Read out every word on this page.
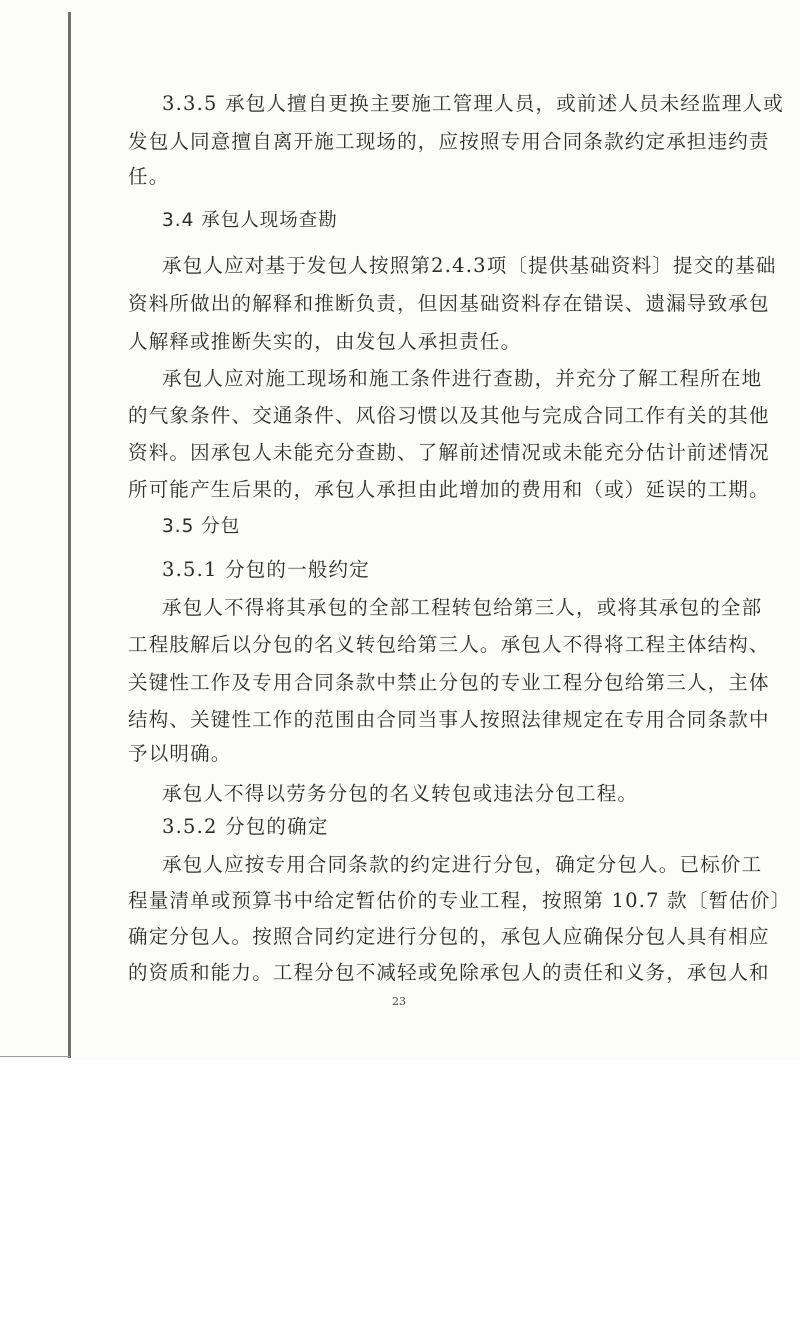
3.3.5 承包人擅自更换主要施工管理人员，或前述人员未经监理人或
发包人同意擅自离开施工现场的，应按照专用合同条款约定承担违约责
任。
3.4 承包人现场查勘
承包人应对基于发包人按照第2.4.3项〔提供基础资料〕提交的基础
资料所做出的解释和推断负责，但因基础资料存在错误、遗漏导致承包
人解释或推断失实的，由发包人承担责任。
承包人应对施工现场和施工条件进行查勘，并充分了解工程所在地
的气象条件、交通条件、风俗习惯以及其他与完成合同工作有关的其他
资料。因承包人未能充分查勘、了解前述情况或未能充分估计前述情况
所可能产生后果的，承包人承担由此增加的费用和（或）延误的工期。
3.5 分包
3.5.1 分包的一般约定
承包人不得将其承包的全部工程转包给第三人，或将其承包的全部
工程肢解后以分包的名义转包给第三人。承包人不得将工程主体结构、
关键性工作及专用合同条款中禁止分包的专业工程分包给第三人，主体
结构、关键性工作的范围由合同当事人按照法律规定在专用合同条款中
予以明确。
承包人不得以劳务分包的名义转包或违法分包工程。
3.5.2 分包的确定
承包人应按专用合同条款的约定进行分包，确定分包人。已标价工
程量清单或预算书中给定暂估价的专业工程，按照第 10.7 款〔暂估价〕
确定分包人。按照合同约定进行分包的，承包人应确保分包人具有相应
的资质和能力。工程分包不减轻或免除承包人的责任和义务，承包人和
23
